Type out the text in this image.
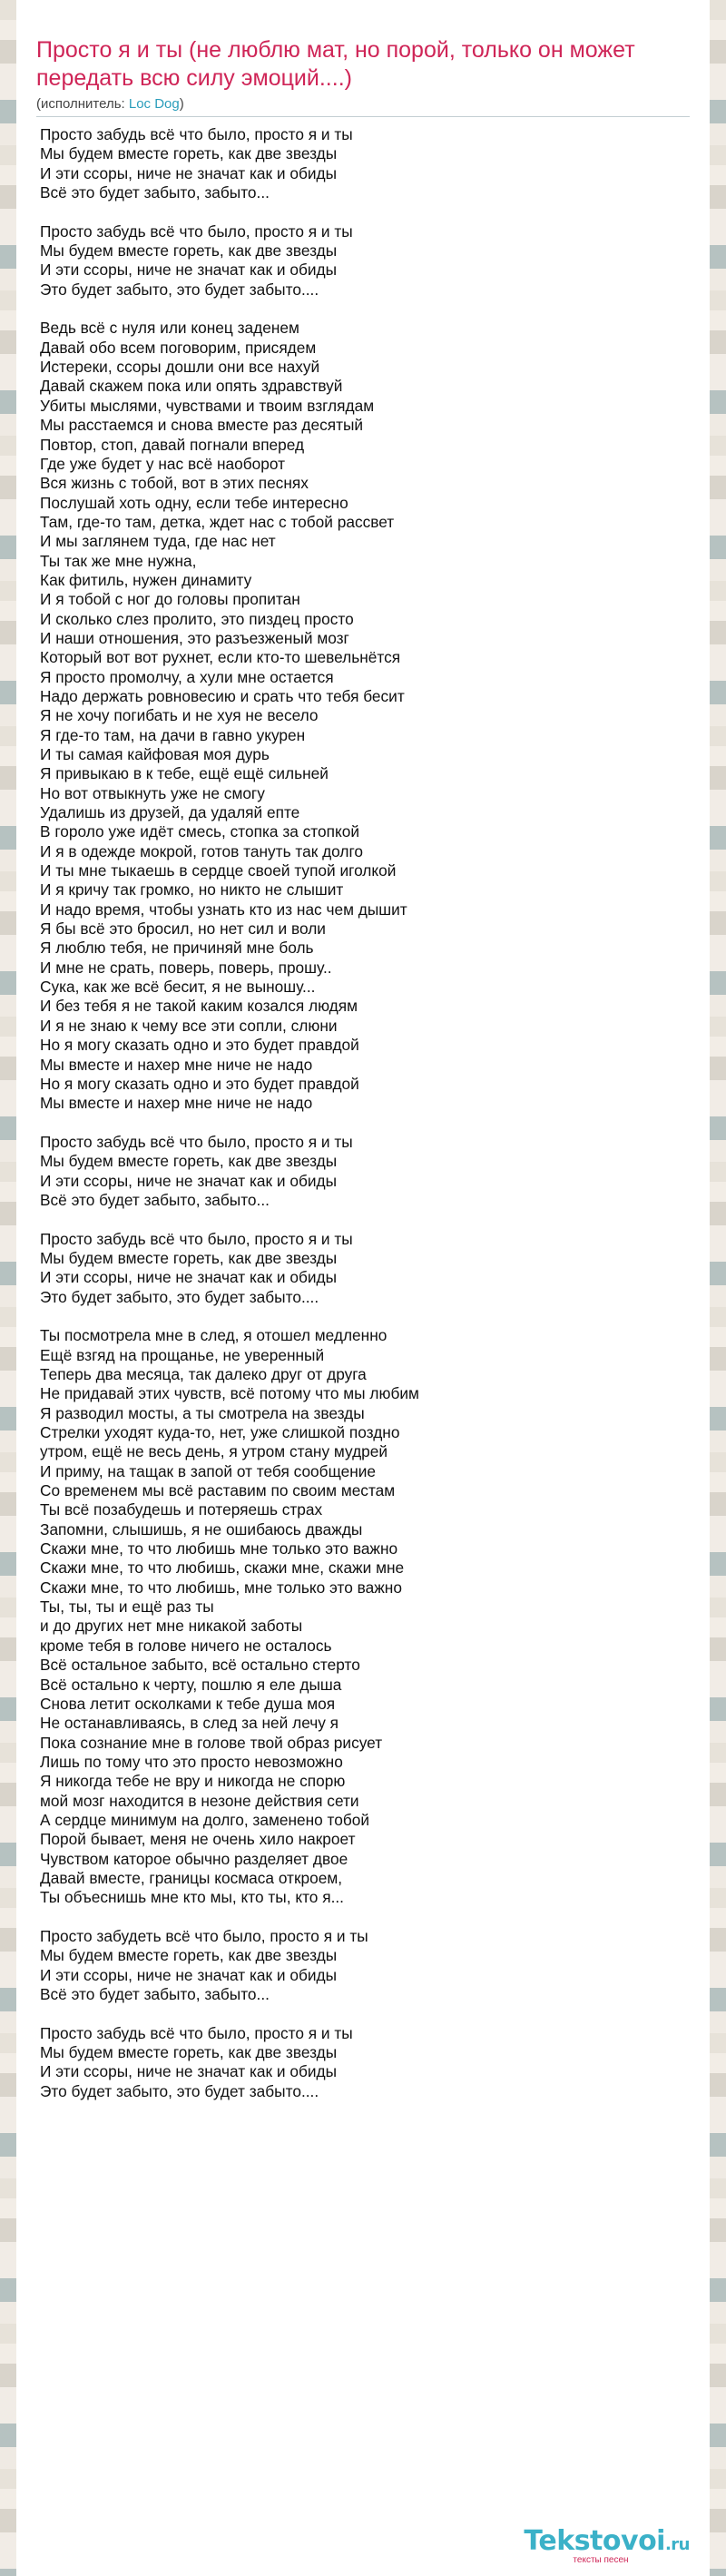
Просто я и ты (не люблю мат, но порой, только он может передать всю силу эмоций....)
(исполнитель: Loc Dog)
Просто забудь всё что было, просто я и ты
Мы будем вместе гореть, как две звезды
И эти ссоры, ниче не значат как и обиды
Всё это будет забыто, забыто...
Просто забудь всё что было, просто я и ты
Мы будем вместе гореть, как две звезды
И эти ссоры, ниче не значат как и обиды
Это будет забыто, это будет забыто....
Ведь всё с нуля или конец заденем
Давай обо всем поговорим, присядем
Истереки, ссоры дошли они все нахуй
Давай скажем пока или опять здравствуй
Убиты мыслями, чувствами и твоим взглядам
Мы расстаемся и снова вместе раз десятый
Повтор, стоп, давай погнали вперед
Где уже будет у нас всё наоборот
Вся жизнь с тобой, вот в этих песнях
Послушай хоть одну, если тебе интересно
Там, где-то там, детка, ждет нас с тобой рассвет
И мы заглянем туда, где нас нет
Ты так же мне нужна,
Как фитиль, нужен динамиту
И я тобой с ног до головы пропитан
И сколько слез пролито, это пиздец просто
И наши отношения, это разъезженый мозг
Который вот вот рухнет, если кто-то шевельнётся
Я просто промолчу, а хули мне остается
Надо держать ровновесию и срать что тебя бесит
Я не хочу погибать и не хуя не весело
Я где-то там, на дачи в гавно укурен
И ты самая кайфовая моя дурь
Я привыкаю в к тебе, ещё ещё сильней
Но вот отвыкнуть уже не смогу
Удалишь из друзей, да удаляй епте
В гороло уже идёт смесь, стопка за стопкой
И я в одежде мокрой, готов тануть так долго
И ты мне тыкаешь в сердце своей тупой иголкой
И я кричу так громко, но никто не слышит
И надо время, чтобы узнать кто из нас чем дышит
Я бы всё это бросил, но нет сил и воли
Я люблю тебя, не причиняй мне боль
И мне не срать, поверь, поверь, прошу..
Сука, как же всё бесит, я не выношу...
И без тебя я не такой каким козался людям
И я не знаю к чему все эти сопли, слюни
Но я могу сказать одно и это будет правдой
Мы вместе и нахер мне ниче не надо
Но я могу сказать одно и это будет правдой
Мы вместе и нахер мне ниче не надо
Просто забудь всё что было, просто я и ты
Мы будем вместе гореть, как две звезды
И эти ссоры, ниче не значат как и обиды
Всё это будет забыто, забыто...
Просто забудь всё что было, просто я и ты
Мы будем вместе гореть, как две звезды
И эти ссоры, ниче не значат как и обиды
Это будет забыто, это будет забыто....
Ты посмотрела мне в след, я отошел медленно
Ещё взгяд на прощанье, не уверенный
Теперь два месяца, так далеко друг от друга
Не придавай этих чувств, всё потому что мы любим
Я разводил мосты, а ты смотрела на звезды
Стрелки уходят куда-то, нет, уже слишкой поздно
утром, ещё не весь день, я утром стану мудрей
И приму, на тащак в запой от тебя сообщение
Со временем мы всё раставим по своим местам
Ты всё позабудешь и потеряешь страх
Запомни, слышишь, я не ошибаюсь дважды
Скажи мне, то что любишь мне только это важно
Скажи мне, то что любишь, скажи мне, скажи мне
Скажи мне, то что любишь, мне только это важно
Ты, ты, ты и ещё раз ты
и до других нет мне никакой заботы
кроме тебя в голове ничего не осталось
Всё остальное забыто, всё остально стерто
Всё остально к черту, пошлю я еле дыша
Снова летит осколками к тебе душа моя
Не останавливаясь, в след за ней лечу я
Пока сознание мне в голове твой образ рисует
Лишь по тому что это просто невозможно
Я никогда тебе не вру и никогда не спорю
мой мозг находится в незоне действия сети
А сердце минимум на долго, заменено тобой
Порой бывает, меня не очень хило накроет
Чувством каторое обычно разделяет двое
Давай вместе, границы космаса откроем,
Ты объеснишь мне кто мы, кто ты, кто я...
Просто забудеть всё что было, просто я и ты
Мы будем вместе гореть, как две звезды
И эти ссоры, ниче не значат как и обиды
Всё это будет забыто, забыто...
Просто забудь всё что было, просто я и ты
Мы будем вместе гореть, как две звезды
И эти ссоры, ниче не значат как и обиды
Это будет забыто, это будет забыто....
Tekstovoi.ru
тексты песен
